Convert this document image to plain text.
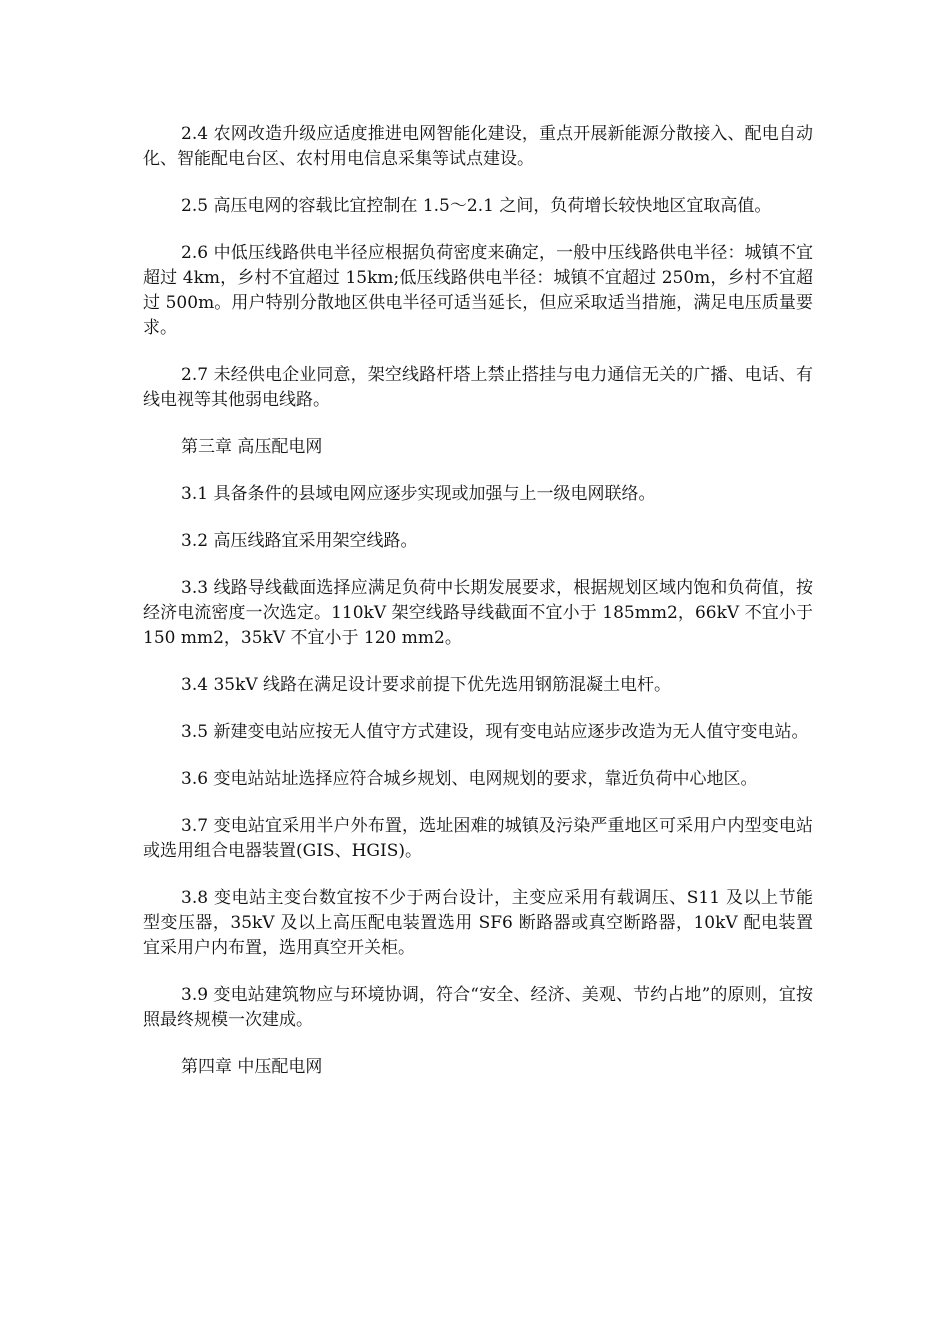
2.4 农网改造升级应适度推进电网智能化建设，重点开展新能源分散接入、配电自动化、智能配电台区、农村用电信息采集等试点建设。

2.5 高压电网的容载比宜控制在 1.5～2.1 之间，负荷增长较快地区宜取高值。

2.6 中低压线路供电半径应根据负荷密度来确定，一般中压线路供电半径：城镇不宜超过 4km，乡村不宜超过 15km;低压线路供电半径：城镇不宜超过 250m，乡村不宜超过 500m。用户特别分散地区供电半径可适当延长，但应采取适当措施，满足电压质量要求。

2.7 未经供电企业同意，架空线路杆塔上禁止搭挂与电力通信无关的广播、电话、有线电视等其他弱电线路。

第三章 高压配电网

3.1 具备条件的县域电网应逐步实现或加强与上一级电网联络。

3.2 高压线路宜采用架空线路。

3.3 线路导线截面选择应满足负荷中长期发展要求，根据规划区域内饱和负荷值，按经济电流密度一次选定。110kV 架空线路导线截面不宜小于 185mm2，66kV 不宜小于 150 mm2，35kV 不宜小于 120 mm2。

3.4 35kV 线路在满足设计要求前提下优先选用钢筋混凝土电杆。

3.5 新建变电站应按无人值守方式建设，现有变电站应逐步改造为无人值守变电站。

3.6 变电站站址选择应符合城乡规划、电网规划的要求，靠近负荷中心地区。

3.7 变电站宜采用半户外布置，选址困难的城镇及污染严重地区可采用户内型变电站或选用组合电器装置(GIS、HGIS)。

3.8 变电站主变台数宜按不少于两台设计，主变应采用有载调压、S11 及以上节能型变压器，35kV 及以上高压配电装置选用 SF6 断路器或真空断路器，10kV 配电装置宜采用户内布置，选用真空开关柜。

3.9 变电站建筑物应与环境协调，符合“安全、经济、美观、节约占地”的原则，宜按照最终规模一次建成。

第四章 中压配电网
